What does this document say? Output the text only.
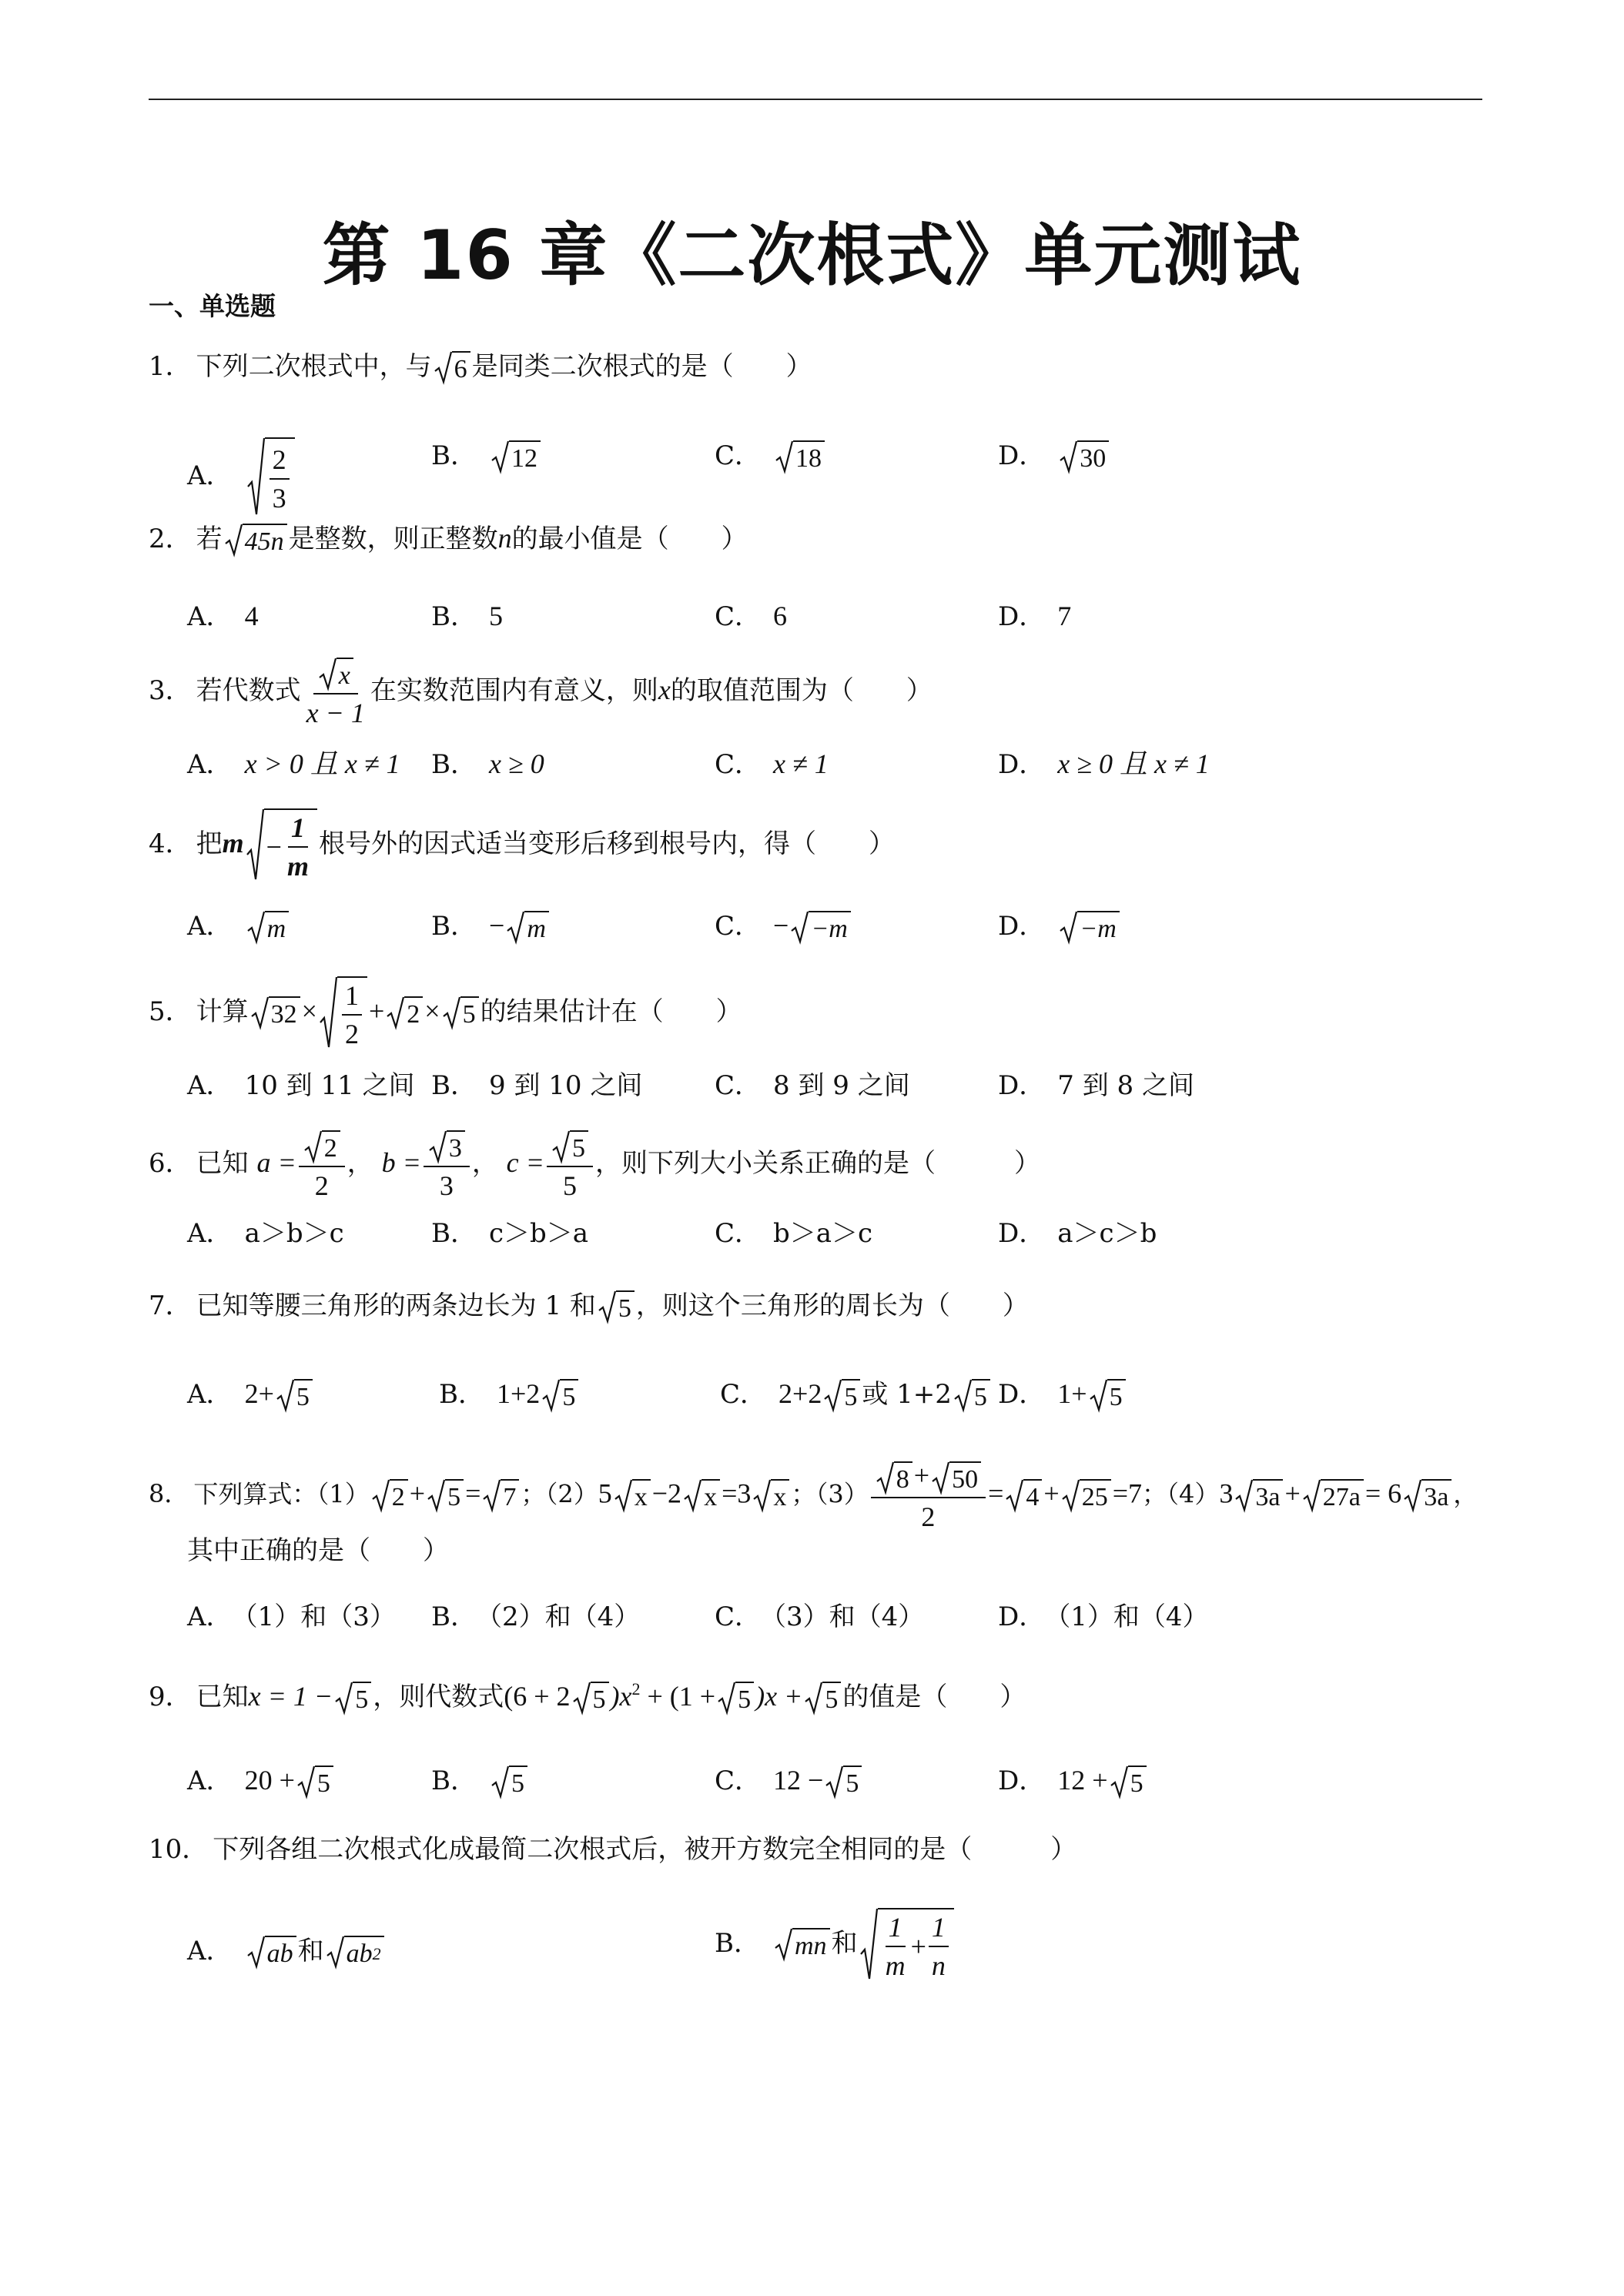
第 16 章《二次根式》单元测试
一、单选题
1． 下列二次根式中，与 6 是同类二次根式的是（　　）
A． $\frac{2}{3}$	B． 12	C． 18	D． 30
2． 若 45n 是整数，则正整数n的最小值是（　　）
A． 4	B． 5	C． 6	D． 7
3． 若代数式 $\frac{x}{x - 1}$ 在实数范围内有意义，则x的取值范围为（　　）
A． x > 0 且 x ≠ 1 B． x ≥ 0	C． x ≠ 1	D． x ≥ 0 且 x ≠ 1
4． 把$m - \frac{1}{m}$ 根号外的因式适当变形后移到根号内，得（　　）
A． m	B． − m	C． − −m	D． −m
5． 计算 $32 \times \frac{1}{2} + 2 \times 5$ 的结果估计在（　　）
A． 10 到 11 之间 B． 9 到 10 之间	C． 8 到 9 之间	D． 7 到 8 之间
6． 已知 $a = \frac{2}{2}$ ， $b = \frac{3}{3}$ ， $c = \frac{5}{5}$ ，则下列大小关系正确的是（　　　）
A． a＞b＞c	B． c＞b＞a	C． b＞a＞c	D． a＞c＞b
7． 已知等腰三角形的两条边长为 1 和 5 ，则这个三角形的周长为（　　）
A． 2+ 5	B． 1+2 5	C． 2+2 5 或 1+2 5 D． 1+ 5
8． 下列算式：（1） 2 + 5 = 7 ；（2）5 x −2 x =3 x ；$(3) \frac{8 + 50}{2} = 4 + 25 =7$；（4）3 3a + 27a = 6 3a ，
其中正确的是（　　）
A． （1）和（3） B． （2）和（4）	C． （3）和（4）	D． （1）和（4）
9． 已知x = 1 − 5 ，则代数式(6 + 2 5 )$x^2 + (1 + 5$ )x + 5 的值是（　　）
A． 20 + 5	B． 5	C． 12 − 5	D． 12 + 5
10． 下列各组二次根式化成最简二次根式后，被开方数完全相同的是（　　　）
A． ab 和 ab 2	B． mn 和 $\frac{1}{m} + \frac{1}{n}$
